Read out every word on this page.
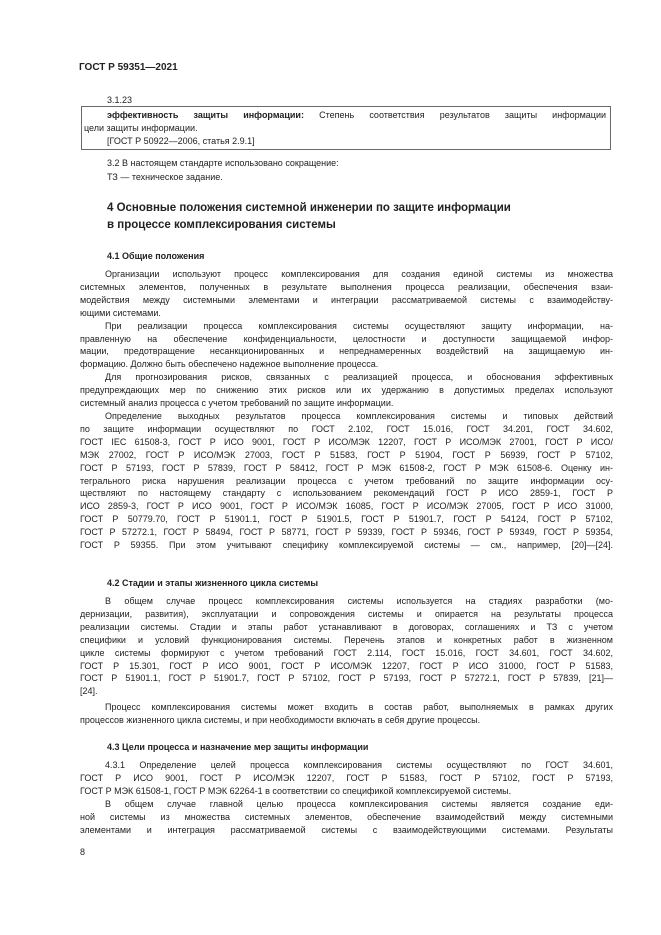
ГОСТ Р 59351—2021
3.1.23
эффективность защиты информации: Степень соответствия результатов защиты информации
цели защиты информации.
[ГОСТ Р 50922—2006, статья 2.9.1]
3.2 В настоящем стандарте использовано сокращение:
ТЗ — техническое задание.
4 Основные положения системной инженерии по защите информации
в процессе комплексирования системы
4.1 Общие положения

Организации используют процесс комплексирования для создания единой системы из множества
системных элементов, полученных в результате выполнения процесса реализации, обеспечения взаи-
модействия между системными элементами и интеграции рассматриваемой системы с взаимодейству-
ющими системами.

При реализации процесса комплексирования системы осуществляют защиту информации, на-
правленную на обеспечение конфиденциальности, целостности и доступности защищаемой инфор-
мации, предотвращение несанкционированных и непреднамеренных воздействий на защищаемую ин-
формацию. Должно быть обеспечено надежное выполнение процесса.

Для прогнозирования рисков, связанных с реализацией процесса, и обоснования эффективных
предупреждающих мер по снижению этих рисков или их удержанию в допустимых пределах используют
системный анализ процесса с учетом требований по защите информации.

Определение выходных результатов процесса комплексирования системы и типовых действий
по защите информации осуществляют по ГОСТ 2.102, ГОСТ 15.016, ГОСТ 34.201, ГОСТ 34.602,
ГОСТ IEC 61508-3, ГОСТ Р ИСО 9001, ГОСТ Р ИСО/МЭК 12207, ГОСТ Р ИСО/МЭК 27001, ГОСТ Р ИСО/
МЭК 27002, ГОСТ Р ИСО/МЭК 27003, ГОСТ Р 51583, ГОСТ Р 51904, ГОСТ Р 56939, ГОСТ Р 57102,
ГОСТ Р 57193, ГОСТ Р 57839, ГОСТ Р 58412, ГОСТ Р МЭК 61508-2, ГОСТ Р МЭК 61508-6. Оценку ин-
тегрального риска нарушения реализации процесса с учетом требований по защите информации осу-
ществляют по настоящему стандарту с использованием рекомендаций ГОСТ Р ИСО 2859-1, ГОСТ Р
ИСО 2859-3, ГОСТ Р ИСО 9001, ГОСТ Р ИСО/МЭК 16085, ГОСТ Р ИСО/МЭК 27005, ГОСТ Р ИСО 31000,
ГОСТ Р 50779.70, ГОСТ Р 51901.1, ГОСТ Р 51901.5, ГОСТ Р 51901.7, ГОСТ Р 54124, ГОСТ Р 57102,
ГОСТ Р 57272.1, ГОСТ Р 58494, ГОСТ Р 58771, ГОСТ Р 59339, ГОСТ Р 59346, ГОСТ Р 59349, ГОСТ Р 59354,
ГОСТ Р 59355. При этом учитывают специфику комплексируемой системы — см., например, [20]—[24].

4.2 Стадии и этапы жизненного цикла системы

В общем случае процесс комплексирования системы используется на стадиях разработки (мо-
дернизации, развития), эксплуатации и сопровождения системы и опирается на результаты процесса
реализации системы. Стадии и этапы работ устанавливают в договорах, соглашениях и ТЗ с учетом
специфики и условий функционирования системы. Перечень этапов и конкретных работ в жизненном
цикле системы формируют с учетом требований ГОСТ 2.114, ГОСТ 15.016, ГОСТ 34.601, ГОСТ 34.602,
ГОСТ Р 15.301, ГОСТ Р ИСО 9001, ГОСТ Р ИСО/МЭК 12207, ГОСТ Р ИСО 31000, ГОСТ Р 51583,
ГОСТ Р 51901.1, ГОСТ Р 51901.7, ГОСТ Р 57102, ГОСТ Р 57193, ГОСТ Р 57272.1, ГОСТ Р 57839, [21]—
[24].

Процесс комплексирования системы может входить в состав работ, выполняемых в рамках других
процессов жизненного цикла системы, и при необходимости включать в себя другие процессы.

4.3 Цели процесса и назначение мер защиты информации

4.3.1 Определение целей процесса комплексирования системы осуществляют по ГОСТ 34.601,
ГОСТ Р ИСО 9001, ГОСТ Р ИСО/МЭК 12207, ГОСТ Р 51583, ГОСТ Р 57102, ГОСТ Р 57193,
ГОСТ Р МЭК 61508-1, ГОСТ Р МЭК 62264-1 в соответствии со спецификой комплексируемой системы.

В общем случае главной целью процесса комплексирования системы является создание еди-
ной системы из множества системных элементов, обеспечение взаимодействий между системными
элементами и интеграция рассматриваемой системы с взаимодействующими системами. Результаты

8
